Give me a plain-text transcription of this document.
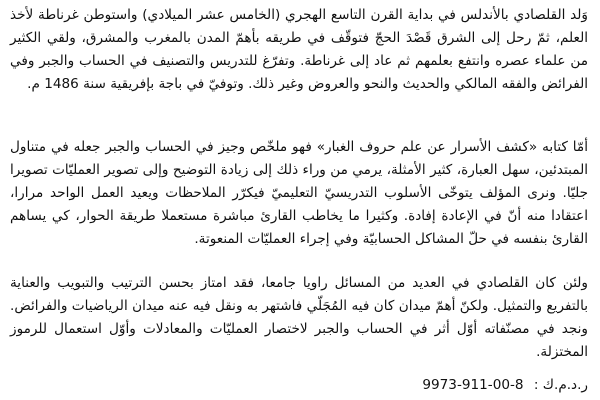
وَلد القلصادي بالأندلس في بداية القرن التاسع الهجري (الخامس عشر الميلادي) واستوطن غرناطة لأخذ العلم، ثمّ رحل إلى الشرق قَصْدَ الحجّ فتوقّف في طريقه بأهمّ المدن بالمغرب والمشرق، ولقي الكثير من علماء عصره وانتفع بعلمهم ثم عاد إلى غرناطة. وتفرّغ للتدريس والتصنيف في الحساب والجبر وفي الفرائض والفقه المالكي والحديث والنحو والعروض وغير ذلك. وتوفيّ في باجة بإفريقية سنة 1486 م.

أمّا كتابه «كشف الأسرار عن علم حروف الغبار» فهو ملخّص وجيز في الحساب والجبر جعله في متناول المبتدئين، سهل العبارة، كثير الأمثلة، يرمي من وراء ذلك إلى زيادة التوضيح وإلى تصوير العمليّات تصويرا جليّا. ونرى المؤلف يتوخّى الأسلوب التدريسيّ التعليميّ فيكرّر الملاحظات ويعيد العمل الواحد مرارا، اعتقادا منه أنّ في الإعادة إفادة. وكثيرا ما يخاطب القارئ مباشرة مستعملا طريقة الحوار، كي يساهم القارئ بنفسه في حلّ المشاكل الحسابيّة وفي إجراء العمليّات المنعوتة.

ولئن كان القلصادي في العديد من المسائل راويا جامعا، فقد امتاز بحسن الترتيب والتبويب والعناية بالتفريع والتمثيل. ولكنّ أهمّ ميدان كان فيه المُجَلّي فاشتهر به ونقل فيه عنه ميدان الرياضيات والفرائض. ونجد في مصنّفاته أوّل أثر في الحساب والجبر لاختصار العمليّات والمعادلات وأوّل استعمال للرموز المختزلة.

ر.د.م.ك : 9973-911-00-8
